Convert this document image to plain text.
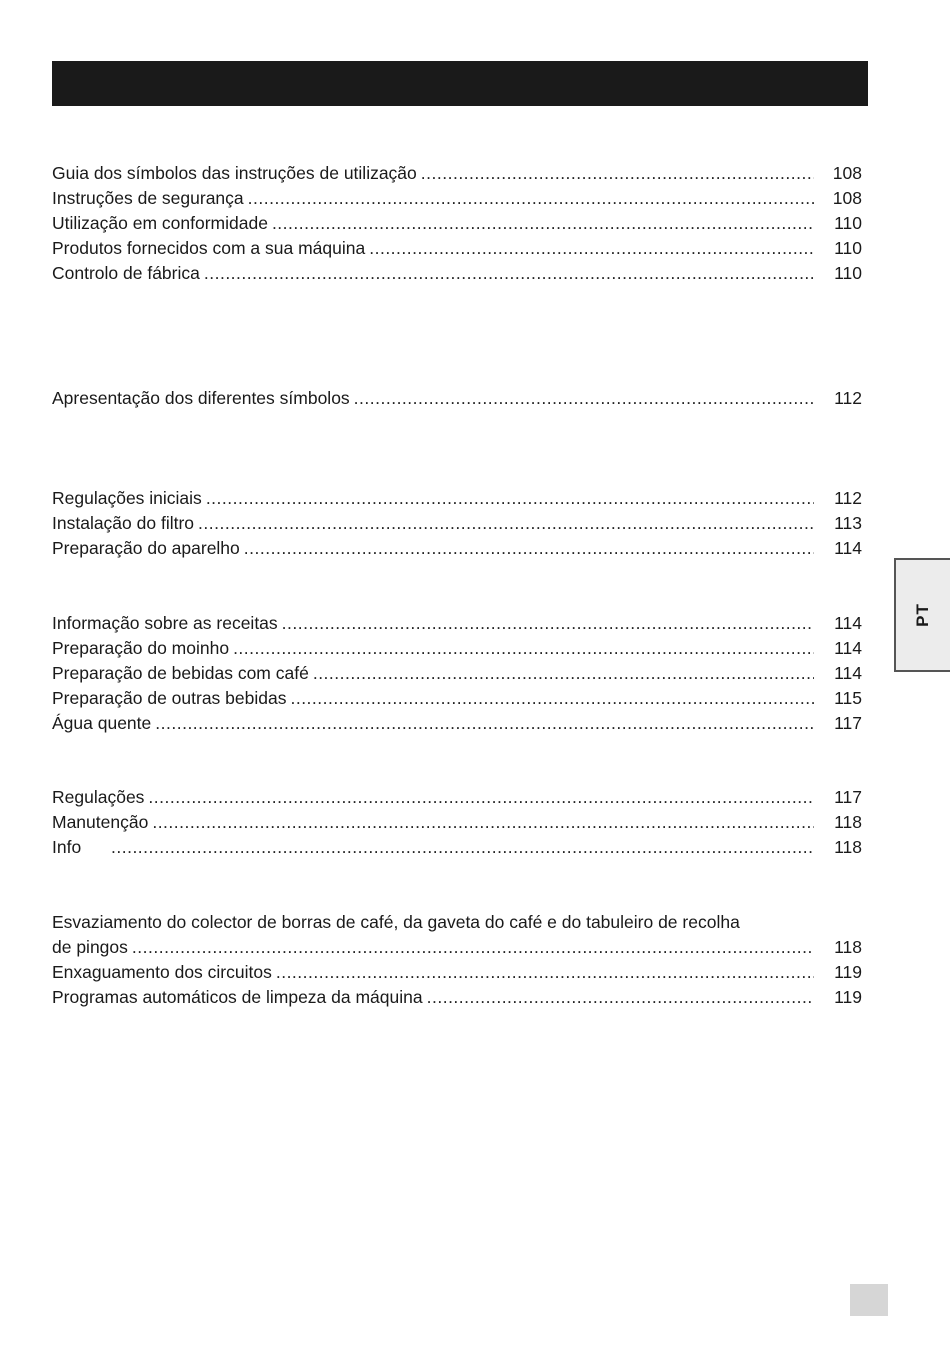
Guia dos símbolos das instruções de utilização .....	108
Instruções de segurança .....	108
Utilização em conformidade .....	110
Produtos fornecidos com a sua máquina .....	110
Controlo de fábrica .....	110
Apresentação dos diferentes símbolos .....	112
Regulações iniciais .....	112
Instalação do filtro .....	113
Preparação do aparelho .....	114
Informação sobre as receitas .....	114
Preparação do moinho .....	114
Preparação de bebidas com café .....	114
Preparação de outras bebidas .....	115
Água quente .....	117
Regulações .....	117
Manutenção .....	118
Info .....	118
Esvaziamento do colector de borras de café, da gaveta do café e do tabuleiro de recolha
de pingos .....	118
Enxaguamento dos circuitos .....	119
Programas automáticos de limpeza da máquina .....	119
PT
